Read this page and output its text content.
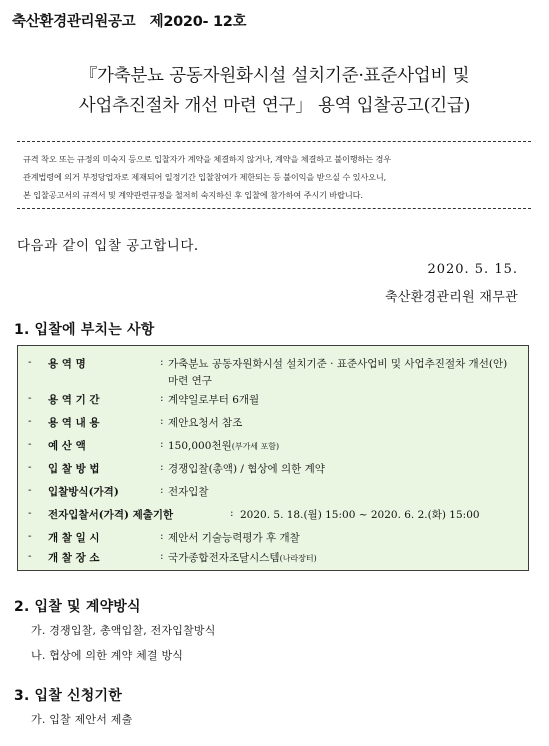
축산환경관리원공고 제2020- 12호
『가축분뇨 공동자원화시설 설치기준·표준사업비 및
사업추진절차 개선 마련 연구」 용역 입찰공고(긴급)

규격 착오 또는 규정의 미숙지 등으로 입찰자가 계약을 체결하지 않거나, 계약을 체결하고 불이행하는 경우

관계법령에 의거 부정당업자로 제재되어 일정기간 입찰참여가 제한되는 등 불이익을 받으실 수 있사오니,

본 입찰공고서의 규격서 및 계약관련규정을 철저히 숙지하신 후 입찰에 참가하여 주시기 바랍니다.

다음과 같이 입찰 공고합니다.
2020. 5. 15.
축산환경관리원 재무관
1. 입찰에 부치는 사항
- 용 역 명	: 가축분뇨 공동자원화시설 설치기준 · 표준사업비 및 사업추진절차 개선(안) 마련 연구
- 용 역 기 간	: 계약일로부터 6개월
- 용 역 내 용	: 제안요청서 참조
- 예 산 액	: 150,000천원(부가세 포함)
- 입 찰 방 법	: 경쟁입찰(총액) / 협상에 의한 계약
- 입찰방식(가격)	: 전자입찰
- 전자입찰서(가격) 제출기한	: 2020. 5. 18.(월) 15:00 ~ 2020. 6. 2.(화) 15:00
- 개 찰 일 시	: 제안서 기술능력평가 후 개찰
- 개 찰 장 소	: 국가종합전자조달시스템(나라장터)
2. 입찰 및 계약방식
가. 경쟁입찰, 총액입찰, 전자입찰방식
나. 협상에 의한 계약 체결 방식
3. 입찰 신청기한
가. 입찰 제안서 제출
